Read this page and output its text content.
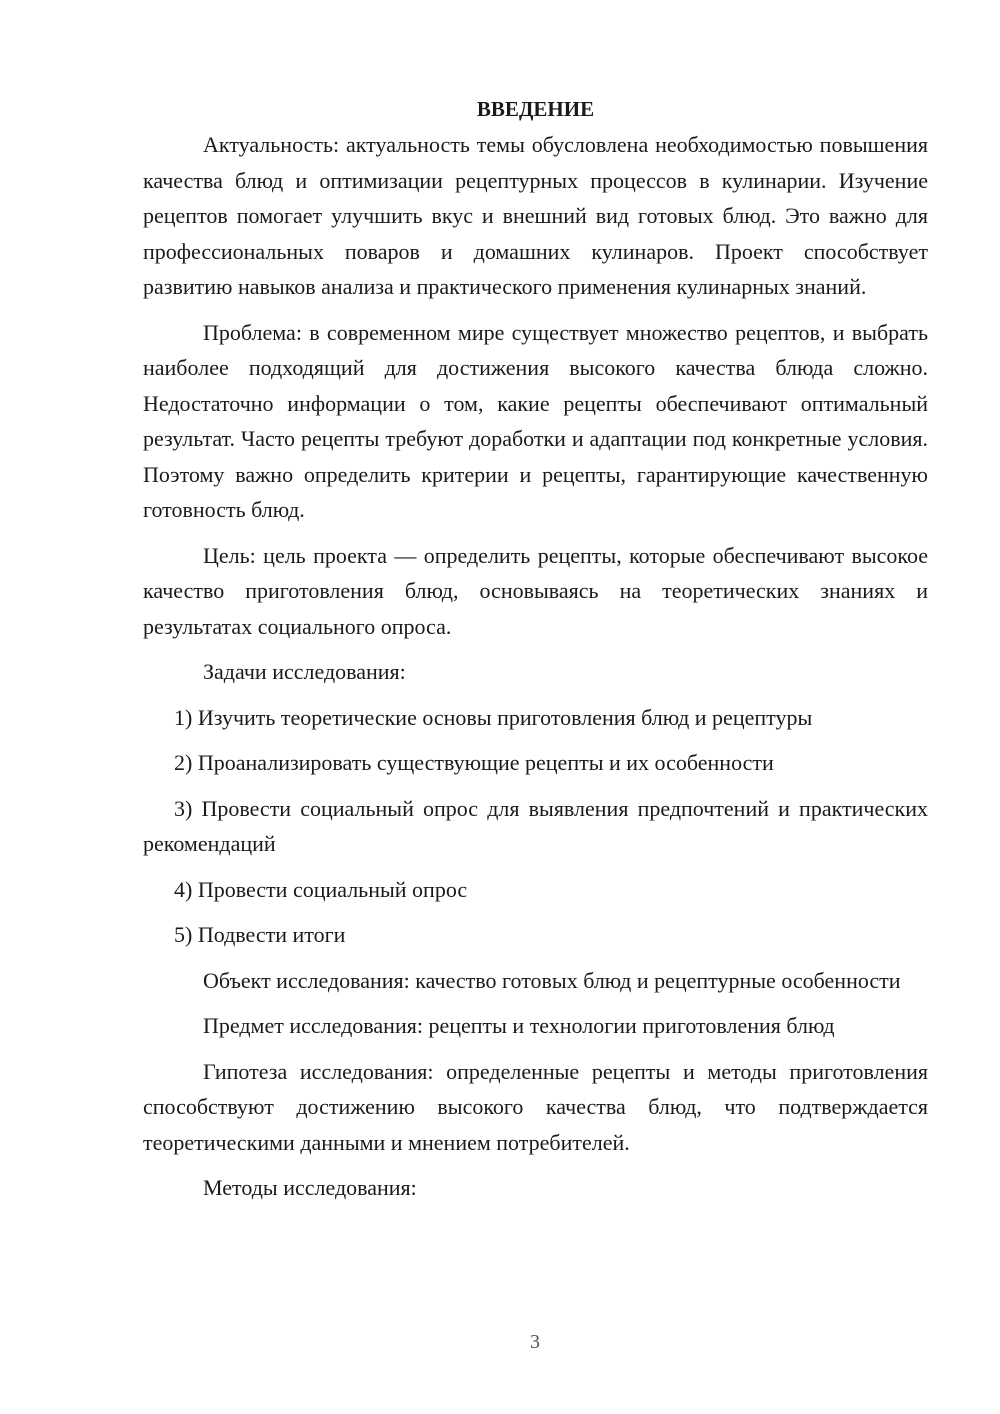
ВВЕДЕНИЕ

Актуальность: актуальность темы обусловлена необходимостью повышения качества блюд и оптимизации рецептурных процессов в кулинарии. Изучение рецептов помогает улучшить вкус и внешний вид готовых блюд. Это важно для профессиональных поваров и домашних кулинаров. Проект способствует развитию навыков анализа и практического применения кулинарных знаний.

Проблема: в современном мире существует множество рецептов, и выбрать наиболее подходящий для достижения высокого качества блюда сложно. Недостаточно информации о том, какие рецепты обеспечивают оптимальный результат. Часто рецепты требуют доработки и адаптации под конкретные условия. Поэтому важно определить критерии и рецепты, гарантирующие качественную готовность блюд.

Цель: цель проекта — определить рецепты, которые обеспечивают высокое качество приготовления блюд, основываясь на теоретических знаниях и результатах социального опроса.

Задачи исследования:

1) Изучить теоретические основы приготовления блюд и рецептуры

2) Проанализировать существующие рецепты и их особенности

3) Провести социальный опрос для выявления предпочтений и практических рекомендаций

4) Провести социальный опрос

5) Подвести итоги

Объект исследования: качество готовых блюд и рецептурные особенности

Предмет исследования: рецепты и технологии приготовления блюд

Гипотеза исследования: определенные рецепты и методы приготовления способствуют достижению высокого качества блюд, что подтверждается теоретическими данными и мнением потребителей.

Методы исследования:

3
